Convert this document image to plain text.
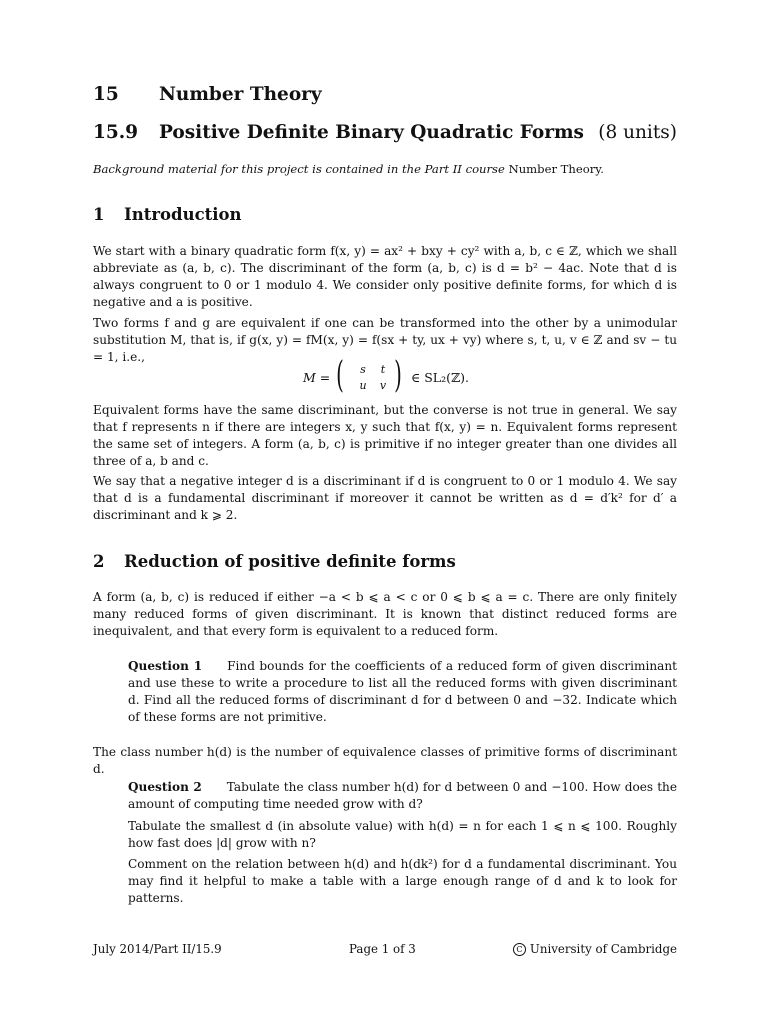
15 Number Theory
15.9 Positive Definite Binary Quadratic Forms (8 units)
Background material for this project is contained in the Part II course Number Theory.
1 Introduction

We start with a binary quadratic form f(x, y) = ax² + bxy + cy² with a, b, c ∈ ℤ, which we shall abbreviate as (a, b, c). The discriminant of the form (a, b, c) is d = b² − 4ac. Note that d is always congruent to 0 or 1 modulo 4. We consider only positive definite forms, for which d is negative and a is positive.

Two forms f and g are equivalent if one can be transformed into the other by a unimodular substitution M, that is, if g(x, y) = fM(x, y) = f(sx + ty, ux + vy) where s, t, u, v ∈ ℤ and sv − tu = 1, i.e.,

M = (	s t
u v ) ∈ SL₂(ℤ).

Equivalent forms have the same discriminant, but the converse is not true in general. We say that f represents n if there are integers x, y such that f(x, y) = n. Equivalent forms represent the same set of integers. A form (a, b, c) is primitive if no integer greater than one divides all three of a, b and c.

We say that a negative integer d is a discriminant if d is congruent to 0 or 1 modulo 4. We say that d is a fundamental discriminant if moreover it cannot be written as d = d′k² for d′ a discriminant and k ⩾ 2.

2 Reduction of positive definite forms

A form (a, b, c) is reduced if either −a < b ⩽ a < c or 0 ⩽ b ⩽ a = c. There are only finitely many reduced forms of given discriminant. It is known that distinct reduced forms are inequivalent, and that every form is equivalent to a reduced form.

Question 1 Find bounds for the coefficients of a reduced form of given discriminant and use these to write a procedure to list all the reduced forms with given discriminant d. Find all the reduced forms of discriminant d for d between 0 and −32. Indicate which of these forms are not primitive.

The class number h(d) is the number of equivalence classes of primitive forms of discriminant d.

Question 2 Tabulate the class number h(d) for d between 0 and −100. How does the amount of computing time needed grow with d?

Tabulate the smallest d (in absolute value) with h(d) = n for each 1 ⩽ n ⩽ 100. Roughly how fast does |d| grow with n?

Comment on the relation between h(d) and h(dk²) for d a fundamental discriminant. You may find it helpful to make a table with a large enough range of d and k to look for patterns.

July 2014/Part II/15.9	Page 1 of 3	C University of Cambridge
